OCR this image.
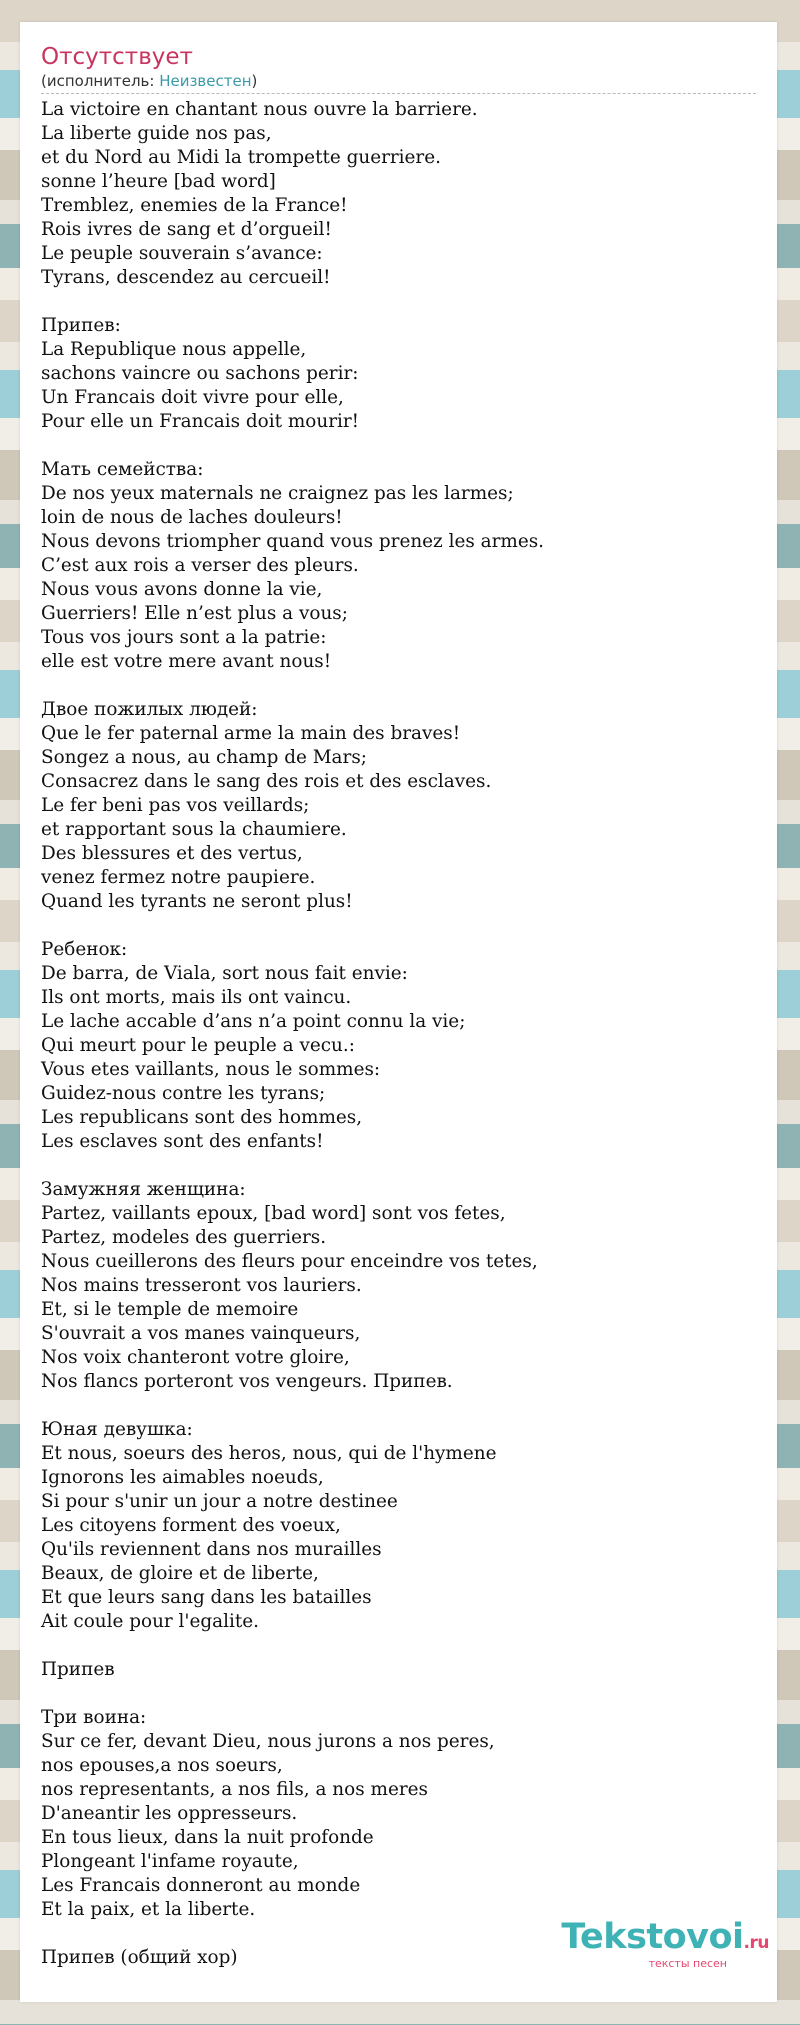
Отсутствует
(исполнитель: Неизвестен)
La victoire en chantant nous ouvre la barriere.
La liberte guide nos pas,
et du Nord au Midi la trompette guerriere.
sonne l’heure [bad word]
Tremblez, enemies de la France!
Rois ivres de sang et d’orgueil!
Le peuple souverain s’avance:
Tyrans, descendez au cercueil!

Припев:
La Republique nous appelle,
sachons vaincre ou sachons perir:
Un Francais doit vivre pour elle,
Pour elle un Francais doit mourir!

Мать семейства:
De nos yeux maternals ne craignez pas les larmes;
loin de nous de laches douleurs!
Nous devons triompher quand vous prenez les armes.
C’est aux rois a verser des pleurs.
Nous vous avons donne la vie,
Guerriers! Elle n’est plus a vous;
Tous vos jours sont a la patrie:
elle est votre mere avant nous!

Двое пожилых людей:
Que le fer paternal arme la main des braves!
Songez a nous, au champ de Mars;
Consacrez dans le sang des rois et des esclaves.
Le fer beni pas vos veillards;
et rapportant sous la chaumiere.
Des blessures et des vertus,
venez fermez notre paupiere.
Quand les tyrants ne seront plus!

Ребенок:
De barra, de Viala, sort nous fait envie:
Ils ont morts, mais ils ont vaincu.
Le lache accable d’ans n’a point connu la vie;
Qui meurt pour le peuple a vecu.:
Vous etes vaillants, nous le sommes:
Guidez-nous contre les tyrans;
Les republicans sont des hommes,
Les esclaves sont des enfants!

Замужняя женщина:
Partez, vaillants epoux, [bad word] sont vos fetes,
Partez, modeles des guerriers.
Nous cueillerons des fleurs pour enceindre vos tetes,
Nos mains tresseront vos lauriers.
Et, si le temple de memoire
S'ouvrait a vos manes vainqueurs,
Nos voix chanteront votre gloire,
Nos flancs porteront vos vengeurs. Припев.

Юная девушка:
Et nous, soeurs des heros, nous, qui de l'hymene
Ignorons les aimables noeuds,
Si pour s'unir un jour a notre destinee
Les citoyens forment des voeux,
Qu'ils reviennent dans nos murailles
Beaux, de gloire et de liberte,
Et que leurs sang dans les batailles
Ait coule pour l'egalite.

Припев

Три воина:
Sur ce fer, devant Dieu, nous jurons a nos peres,
nos epouses,a nos soeurs,
nos representants, a nos fils, a nos meres
D'aneantir les oppresseurs.
En tous lieux, dans la nuit profonde
Plongeant l'infame royaute,
Les Francais donneront au monde
Et la paix, et la liberte.

Припев (общий хор)
Tekstovoi.ru
тексты песен
